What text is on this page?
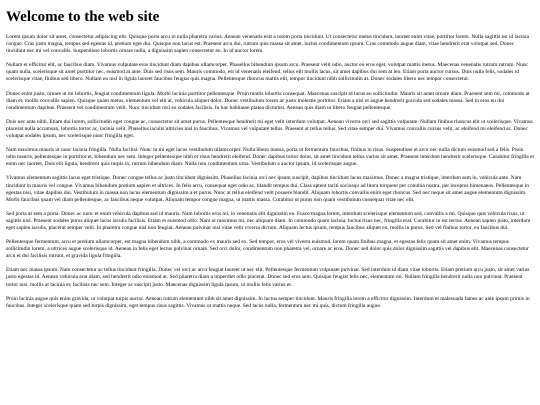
Welcome to the web site

Lorem ipsum dolor sit amet, consectetur adipiscing elit. Quisque porta arcu in nulla pharetra varius. Aenean venenatis erat a lorem porta tincidunt. Ut consectetur metus tincidunt, laoreet enim vitae, porttitor lorem. Nulla sagittis est id lacinia congue. Cras justo magna, tempus sed egestas id, pretium eget dui. Quisque non lacus est. Praesent arcu dui, rutrum quis massa sit amet, luctus condimentum ipsum. Cras commodo augue diam, vitae hendrerit erat volutpat sed. Donec tincidunt nec mi vel convallis. Suspendisse lobortis ornare nulla, a dignissim sapien consectetur eu. In id auctor lorem.

Nullam et efficitur elit, ac faucibus diam. Vivamus vulputate eros tincidunt diam dapibus ullamcorper. Phasellus bibendum ipsum arcu. Praesent velit odio, auctor eu eros eget, volutpat mattis metus. Maecenas venenatis rutrum rutrum. Nunc quam nulla, scelerisque sit amet porttitor nec, euismod at ante. Duis sed risus sem. Mauris commodo, est id venenatis eleifend, tellus elit mollis lacus, sit amet dapibus dui sem at leo. Etiam porta auctor cursus. Duis nulla felis, sodales id scelerisque vitae, finibus sed libero. Nullam eu nisl in ligula laoreet faucibus feugiat quis magna. Pellentesque rhoncus mattis elit, tempor tincidunt nibh sollicitudin at. Donec sodales libero nec tempor consectetur.

Donec enim justo, ornare ut mi lobortis, feugiat condimentum ligula. Morbi lacinia porttitor pellentesque. Proin mattis lobortis consequat. Maecenas suscipit id lacus eu sollicitudin. Mauris sit amet ornare diam. Praesent sem mi, commodo at diam et, mollis convallis sapien. Quisque quam metus, elementum vel elit at, vehicula aliquet dolor. Donec vestibulum lorem ac justo molestie porttitor. Etiam a nisl et augue hendrerit gravida sed sodales massa. Sed in eros eu dui condimentum dapibus. Praesent vel condimentum velit. Nunc tincidunt nisl eu sodales facilisis. In hac habitasse platea dictumst. Aenean quis diam ut libero feugiat pellentesque.

Duis nec ante nibh. Etiam dui lorem, sollicitudin eget congue ac, consectetur sit amet purus. Pellentesque hendrerit mi eget velit interdum volutpat. Aenean viverra orci sed sagittis vulputate. Nullam finibus rhoncus elit ut scelerisque. Vivamus placerat nulla accumsan, lobortis tortor ac, lacinia velit. Phasellus iaculis ultricies nisl in faucibus. Vivamus vel vulputate tellus. Praesent at tellus tellus. Sed vitae semper dui. Vivamus convallis cursus velit, ac eleifend mi eleifend ac. Donec volutpat sodales ipsum, nec scelerisque nunc fringilla eget.

Nam maximus mauris ut nunc lacinia fringilla. Nulla facilisi. Nunc in mi eget lacus vestibulum ullamcorper. Nulla libero massa, porta ut fermentum faucibus, finibus in risus. Suspendisse et arcu nec nulla dictum euismod sed a felis. Proin odio mauris, pellentesque in porttitor et, bibendum nec sem. Integer pellentesque nibh et risus hendrerit eleifend. Donec dapibus tortor dolor, sit amet tincidunt tellus varius sit amet. Praesent interdum hendrerit scelerisque. Curabitur fringilla et enim nec laoreet. Duis elit ligula, hendrerit quis turpis in, rutrum bibendum diam. Nulla non condimentum urna. Vestibulum a auctor ipsum, id scelerisque augue.

Vivamus elementum sagittis lacus eget tristique. Donec congue tellus ac justo tincidunt dignissim. Phasellus lacinia orci nec ipsum suscipit, dapibus tincidunt lacus maximus. Donec a magna tristique, interdum sem in, vehicula ante. Nam tincidunt in mauris vel congue. Vivamus bibendum pretium sapien et ultrices. In felis arcu, consequat eget odio ac, blandit tempus dui. Class aptent taciti sociosqu ad litora torquent per conubia nostra, per inceptos himenaeos. Pellentesque in egestas nisi, vitae dapibus dui. Vestibulum in massa non lacus elementum dignissim a et purus. Nunc at tellus eleifend velit posuere blandit. Aliquam lobortis convallis enim eget rhoncus. Sed nec neque sit amet augue elementum dignissim. Morbi faucibus quam vel diam pellentesque, ac faucibus neque volutpat. Aliquam tempor congue magna, ut mattis massa. Curabitur ut purus non quam vestibulum consequat vitae nec elit.

Sed porta at sem a porta. Donec ac nunc et enim vehicula dapibus sed id mauris. Nam lobortis eros mi, in venenatis elit dignissim eu. Fusce magna lorem, interdum scelerisque elementum sed, convallis a mi. Quisque quis vehicula risus, ut sagittis nisl. Praesent sodales purus aliquet lacus iaculis facilisis. Etiam et euismod odio. Nam ut maximus mi, nec aliquam diam. In commodo quam lacinia, luctus risus nec, fringilla erat. Curabitur in est lectus. Aenean sapien justo, interdum eget sapien iaculis, placerat semper velit. In pharetra congue nisl non feugiat. Aenean pulvinar nisl vitae velit viverra dictum. Aliquam lectus ipsum, tempus faucibus aliquet eu, mollis in purus. Sed vel finibus tortor, eu faucibus dui.

Pellentesque fermentum, arcu et pretium ullamcorper, est magna bibendum nibh, a commodo ex mauris sed ex. Sed tempor, eros vel viverra euismod, lorem quam finibus magna, et egestas felis quam sit amet enim. Vivamus tempus sollicitudin lorem, a ultrices augue scelerisque id. Aenean in felis eget lectus pulvinar ornare. Sed orci dolor, condimentum non pharetra vel, ornare ac eros. Donec sed dolor quis dolor dignissim sagittis vel dapibus elit. Maecenas consectetur arcu et dui facilisis rutrum, et gravida ligula fringilla.

Etiam nec massa ipsum. Nam consectetur ac tellus tincidunt fringilla. Donec vel orci ac arcu feugiat laoreet ut nec elit. Pellentesque fermentum vulputate pulvinar. Sed interdum id diam vitae lobortis. Etiam pretium arcu justo, sit amet varius justo egestas id. Aenean vehicula erat diam, sed hendrerit odio euismod at. Sed pharetra diam a imperdiet odio placerat. Donec sed eros sem. Quisque feugiat felis nec, elementum mi. Nullam fringilla hendrerit nulla non pulvinar. Praesent tortor nisi, mollis at lacinia et, facilisis nec sem. Integer ac suscipit justo. Maecenas dignissim ligula ipsum, ut mollis felis varius et.

Proin lacinia augue quis enim gravida, ut volutpat turpis auctor. Aenean rutrum elementum nibh sit amet dignissim. In luctus semper tincidunt. Mauris fringilla lorem a efficitur dignissim. Interdum et malesuada fames ac ante ipsum primis in faucibus. Integer scelerisque quam sed turpis dignissim, eget tempus risus sagittis. Vivamus ut mattis neque. Sed lacus nulla, fermentum nec mi quis, dictum fringilla augue.
